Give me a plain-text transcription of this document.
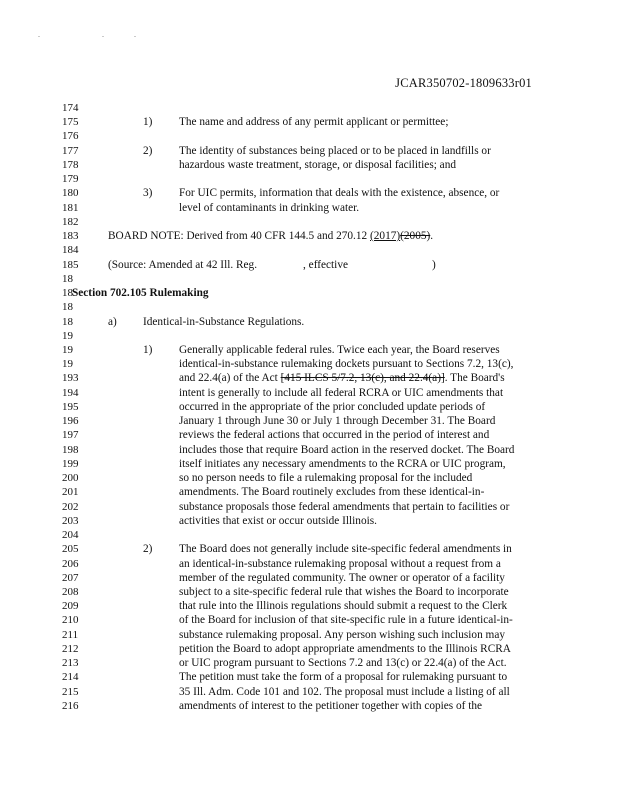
. ..
JCAR350702-1809633r01
174
175	1) The name and address of any permit applicant or permittee;
176
177	2) The identity of substances being placed or to be placed in landfills or
178	hazardous waste treatment, storage, or disposal facilities; and
179
180	3) For UIC permits, information that deals with the existence, absence, or
181	level of contaminants in drinking water.
182
183	BOARD NOTE: Derived from 40 CFR 144.5 and 270.12 (2017)(2005).
184
185	(Source: Amended at 42 Ill. Reg.	, effective	)
18
18 Section 702.105 Rulemaking
18
18	a) Identical-in-Substance Regulations.
19
19	1) Generally applicable federal rules. Twice each year, the Board reserves
19	identical-in-substance rulemaking dockets pursuant to Sections 7.2, 13(c),
193	and 22.4(a) of the Act [415 ILCS 5/7.2, 13(c), and 22.4(a)]. The Board's
194	intent is generally to include all federal RCRA or UIC amendments that
195	occurred in the appropriate of the prior concluded update periods of
196	January 1 through June 30 or July 1 through December 31. The Board
197	reviews the federal actions that occurred in the period of interest and
198	includes those that require Board action in the reserved docket. The Board
199	itself initiates any necessary amendments to the RCRA or UIC program,
200	so no person needs to file a rulemaking proposal for the included
201	amendments. The Board routinely excludes from these identical-in-
202	substance proposals those federal amendments that pertain to facilities or
203	activities that exist or occur outside Illinois.
204
205	2) The Board does not generally include site-specific federal amendments in
206	an identical-in-substance rulemaking proposal without a request from a
207	member of the regulated community. The owner or operator of a facility
208	subject to a site-specific federal rule that wishes the Board to incorporate
209	that rule into the Illinois regulations should submit a request to the Clerk
210	of the Board for inclusion of that site-specific rule in a future identical-in-
211	substance rulemaking proposal. Any person wishing such inclusion may
212	petition the Board to adopt appropriate amendments to the Illinois RCRA
213	or UIC program pursuant to Sections 7.2 and 13(c) or 22.4(a) of the Act.
214	The petition must take the form of a proposal for rulemaking pursuant to
215	35 Ill. Adm. Code 101 and 102. The proposal must include a listing of all
216	amendments of interest to the petitioner together with copies of the
